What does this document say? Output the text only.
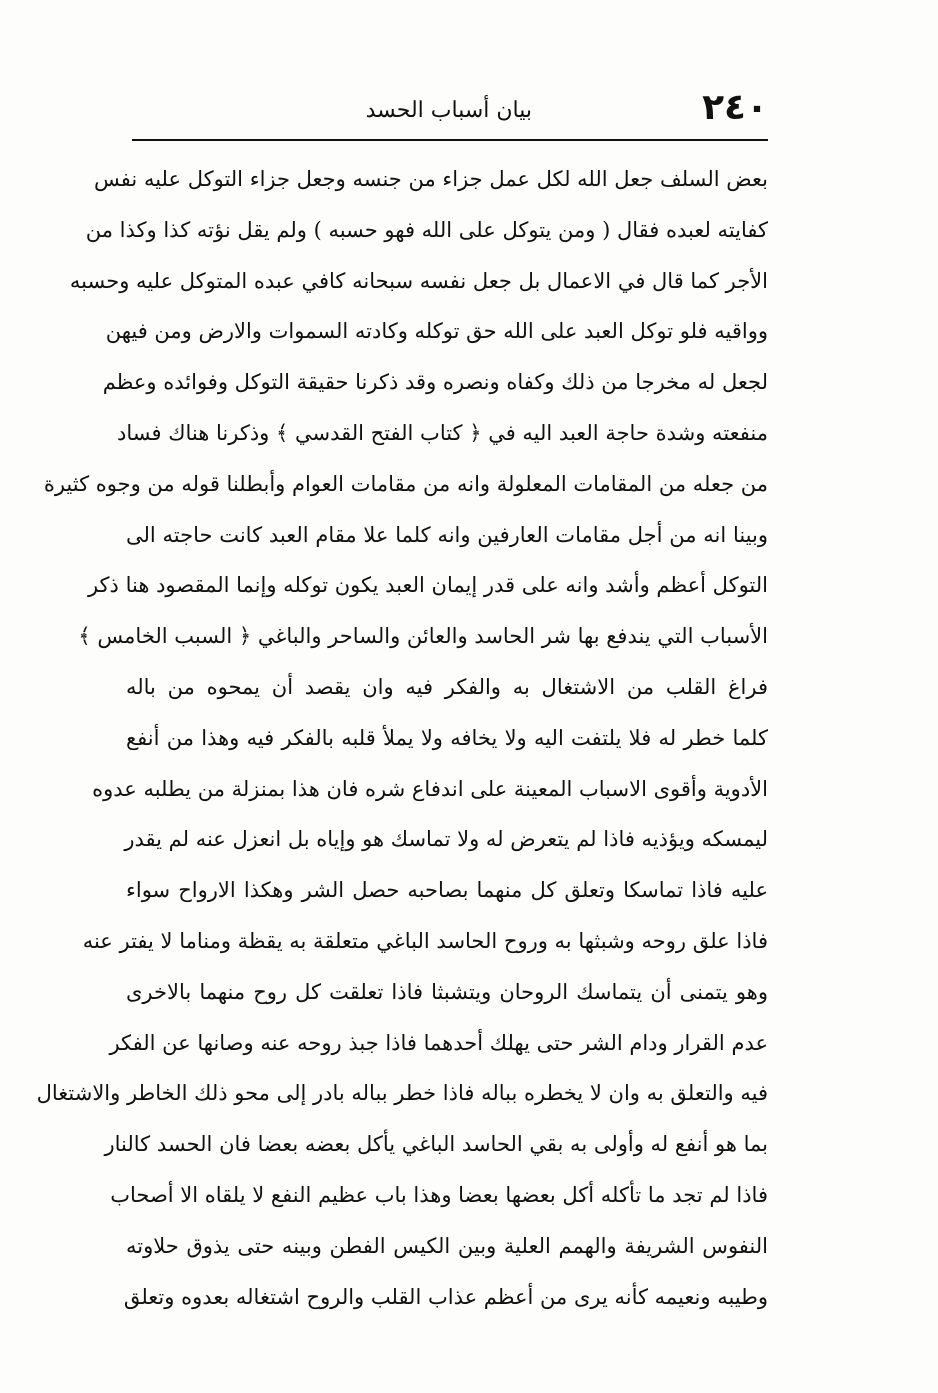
٢٤٠
بيان أسباب الحسد
بعض السلف جعل الله لكل عمل جزاء من جنسه وجعل جزاء التوكل عليه نفس
كفايته لعبده فقال ( ومن يتوكل على الله فهو حسبه ) ولم يقل نؤته كذا وكذا من
الأجر كما قال في الاعمال بل جعل نفسه سبحانه كافي عبده المتوكل عليه وحسبه
وواقيه فلو توكل العبد على الله حق توكله وكادته السموات والارض ومن فيهن
لجعل له مخرجا من ذلك وكفاه ونصره وقد ذكرنا حقيقة التوكل وفوائده وعظم
منفعته وشدة حاجة العبد اليه في ﴿ كتاب الفتح القدسي ﴾ وذكرنا هناك فساد
من جعله من المقامات المعلولة وانه من مقامات العوام وأبطلنا قوله من وجوه كثيرة
وبينا انه من أجل مقامات العارفين وانه كلما علا مقام العبد كانت حاجته الى
التوكل أعظم وأشد وانه على قدر إيمان العبد يكون توكله وإنما المقصود هنا ذكر
الأسباب التي يندفع بها شر الحاسد والعائن والساحر والباغي ﴿ السبب الخامس ﴾
فراغ القلب من الاشتغال به والفكر فيه وان يقصد أن يمحوه من باله
كلما خطر له فلا يلتفت اليه ولا يخافه ولا يملأ قلبه بالفكر فيه وهذا من أنفع
الأدوية وأقوى الاسباب المعينة على اندفاع شره فان هذا بمنزلة من يطلبه عدوه
ليمسكه ويؤذيه فاذا لم يتعرض له ولا تماسك هو وإياه بل انعزل عنه لم يقدر
عليه فاذا تماسكا وتعلق كل منهما بصاحبه حصل الشر وهكذا الارواح سواء
فاذا علق روحه وشبثها به وروح الحاسد الباغي متعلقة به يقظة ومناما لا يفتر عنه
وهو يتمنى أن يتماسك الروحان ويتشبثا فاذا تعلقت كل روح منهما بالاخرى
عدم القرار ودام الشر حتى يهلك أحدهما فاذا جبذ روحه عنه وصانها عن الفكر
فيه والتعلق به وان لا يخطره بباله فاذا خطر بباله بادر إلى محو ذلك الخاطر والاشتغال
بما هو أنفع له وأولى به بقي الحاسد الباغي يأكل بعضه بعضا فان الحسد كالنار
فاذا لم تجد ما تأكله أكل بعضها بعضا وهذا باب عظيم النفع لا يلقاه الا أصحاب
النفوس الشريفة والهمم العلية وبين الكيس الفطن وبينه حتى يذوق حلاوته
وطيبه ونعيمه كأنه يرى من أعظم عذاب القلب والروح اشتغاله بعدوه وتعلق
